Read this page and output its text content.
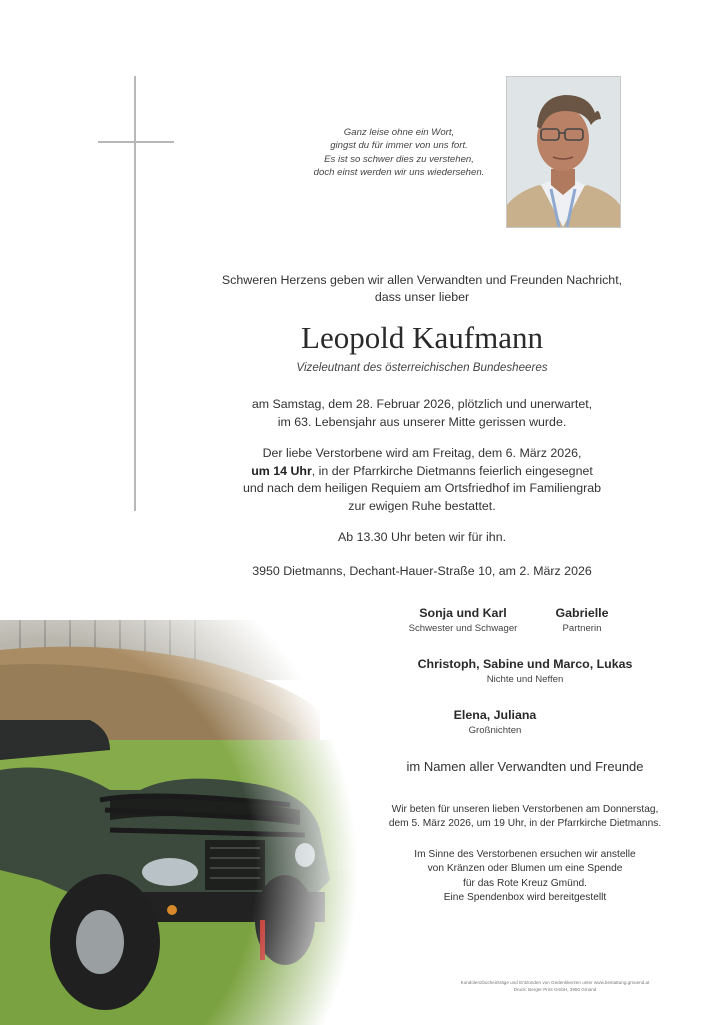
Ganz leise ohne ein Wort,
gingst du für immer von uns fort.
Es ist so schwer dies zu verstehen,
doch einst werden wir uns wiedersehen.
Schweren Herzens geben wir allen Verwandten und Freunden Nachricht,
dass unser lieber
Leopold Kaufmann
Vizeleutnant des österreichischen Bundesheeres
am Samstag, dem 28. Februar 2026, plötzlich und unerwartet,
im 63. Lebensjahr aus unserer Mitte gerissen wurde.
Der liebe Verstorbene wird am Freitag, dem 6. März 2026,
um 14 Uhr, in der Pfarrkirche Dietmanns feierlich eingesegnet
und nach dem heiligen Requiem am Ortsfriedhof im Familiengrab
zur ewigen Ruhe bestattet.
Ab 13.30 Uhr beten wir für ihn.
3950 Dietmanns, Dechant-Hauer-Straße 10, am 2. März 2026
Sonja und Karl
Schwester und Schwager
Gabrielle
Partnerin
Christoph, Sabine und Marco, Lukas
Nichte und Neffen
Elena, Juliana
Großnichten
im Namen aller Verwandten und Freunde
Wir beten für unseren lieben Verstorbenen am Donnerstag,
dem 5. März 2026, um 19 Uhr, in der Pfarrkirche Dietmanns.
Im Sinne des Verstorbenen ersuchen wir anstelle
von Kränzen oder Blumen um eine Spende
für das Rote Kreuz Gmünd.
Eine Spendenbox wird bereitgestellt
Kondolenzbucheinträge und Entzünden von Gedenkkerzen unter www.bestattung.gmuend.at
Druck: Berger Print GmbH, 3950 Gmünd
